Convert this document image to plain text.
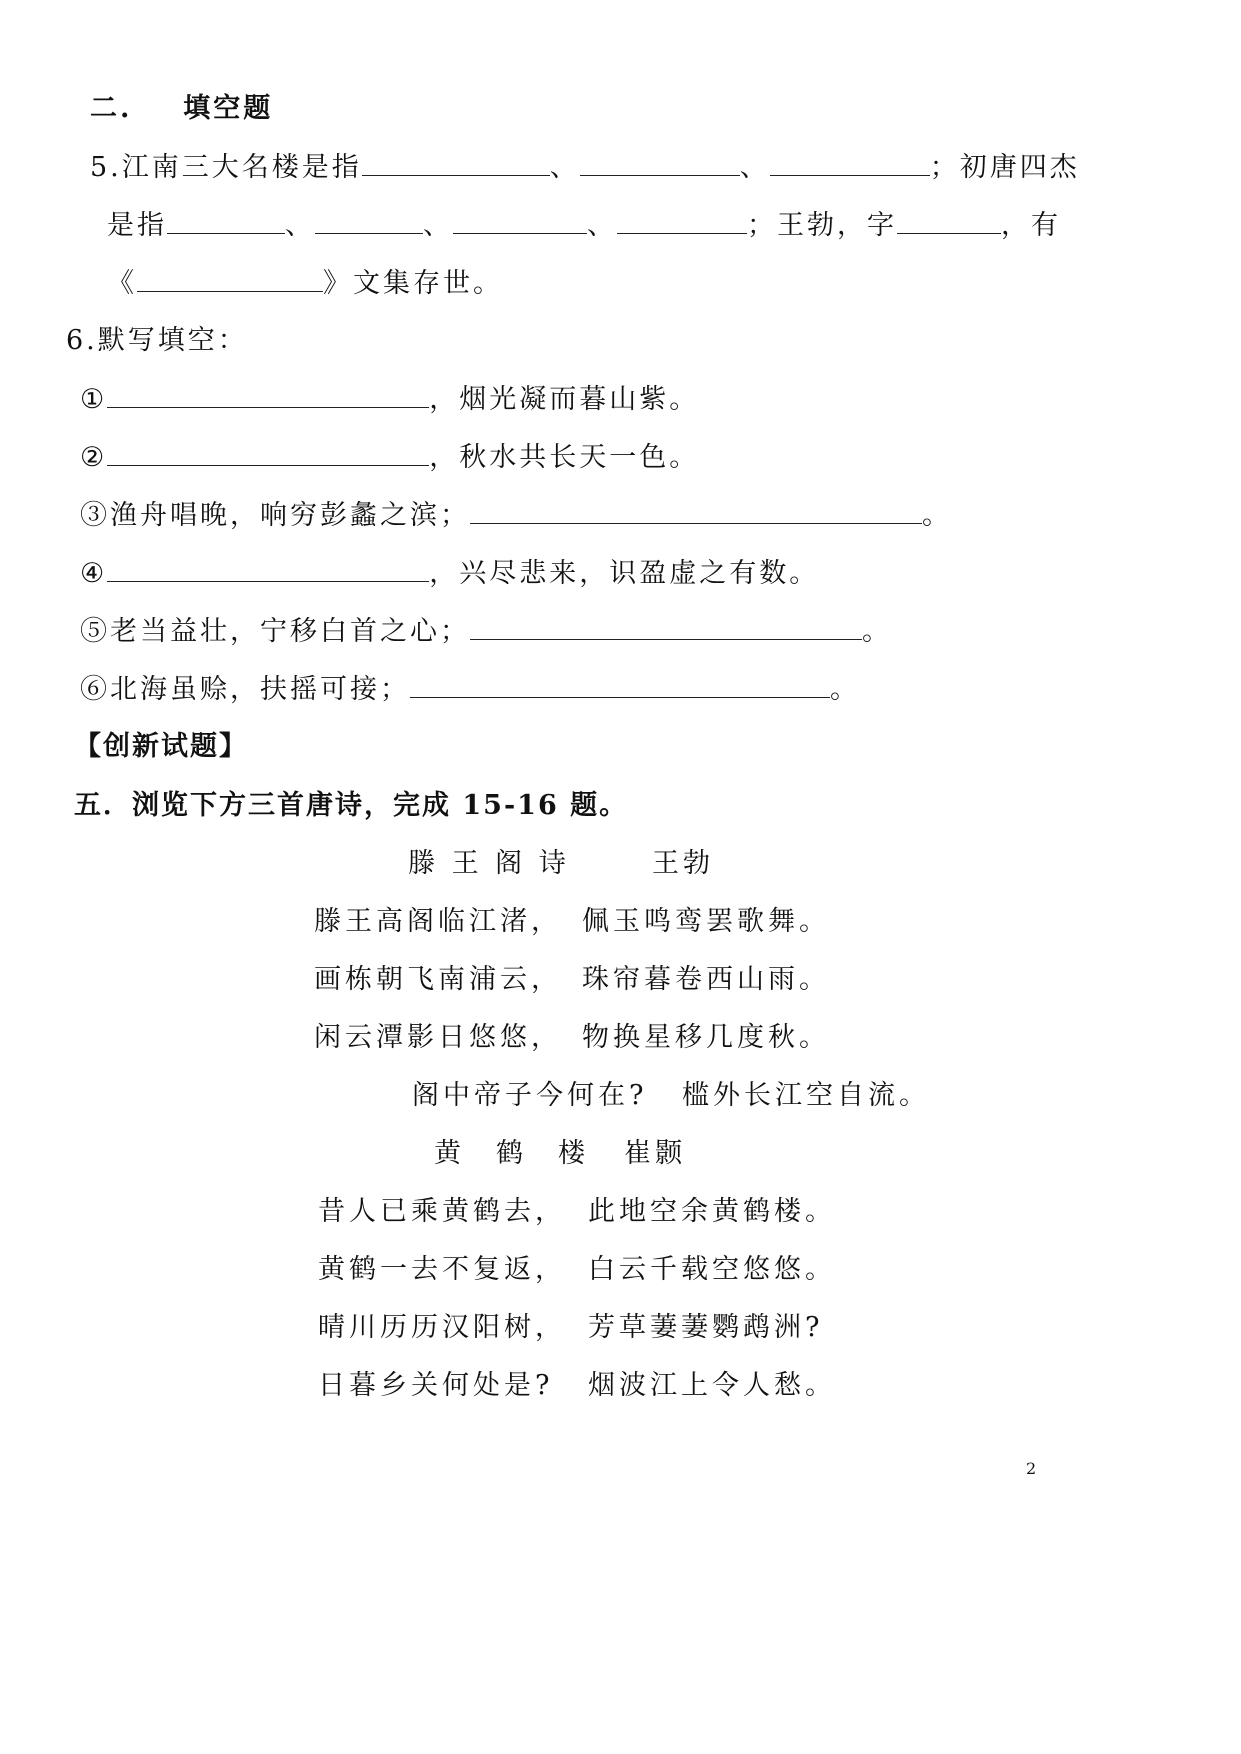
二. 填空题
5.江南三大名楼是指	、	、	；初唐四杰
是指	、	、	、	；王勃，字	，有
《	》文集存世。
6.默写填空：
①	，烟光凝而暮山紫。
②	，秋水共长天一色。
③渔舟唱晚，响穷彭蠡之滨；	。
④	，兴尽悲来，识盈虚之有数。
⑤老当益壮，宁移白首之心；	。
⑥北海虽赊，扶摇可接；	。
【创新试题】
五．浏览下方三首唐诗，完成 15-16 题。
滕 王 阁 诗	王勃
滕王高阁临江渚， 佩玉鸣鸾罢歌舞。
画栋朝飞南浦云， 珠帘暮卷西山雨。
闲云潭影日悠悠， 物换星移几度秋。
阁中帝子今何在? 槛外长江空自流。
黄　鹤　楼 崔颢
昔人已乘黄鹤去， 此地空余黄鹤楼。
黄鹤一去不复返， 白云千载空悠悠。
晴川历历汉阳树， 芳草萋萋鹦鹉洲?
日暮乡关何处是? 烟波江上令人愁。
2
